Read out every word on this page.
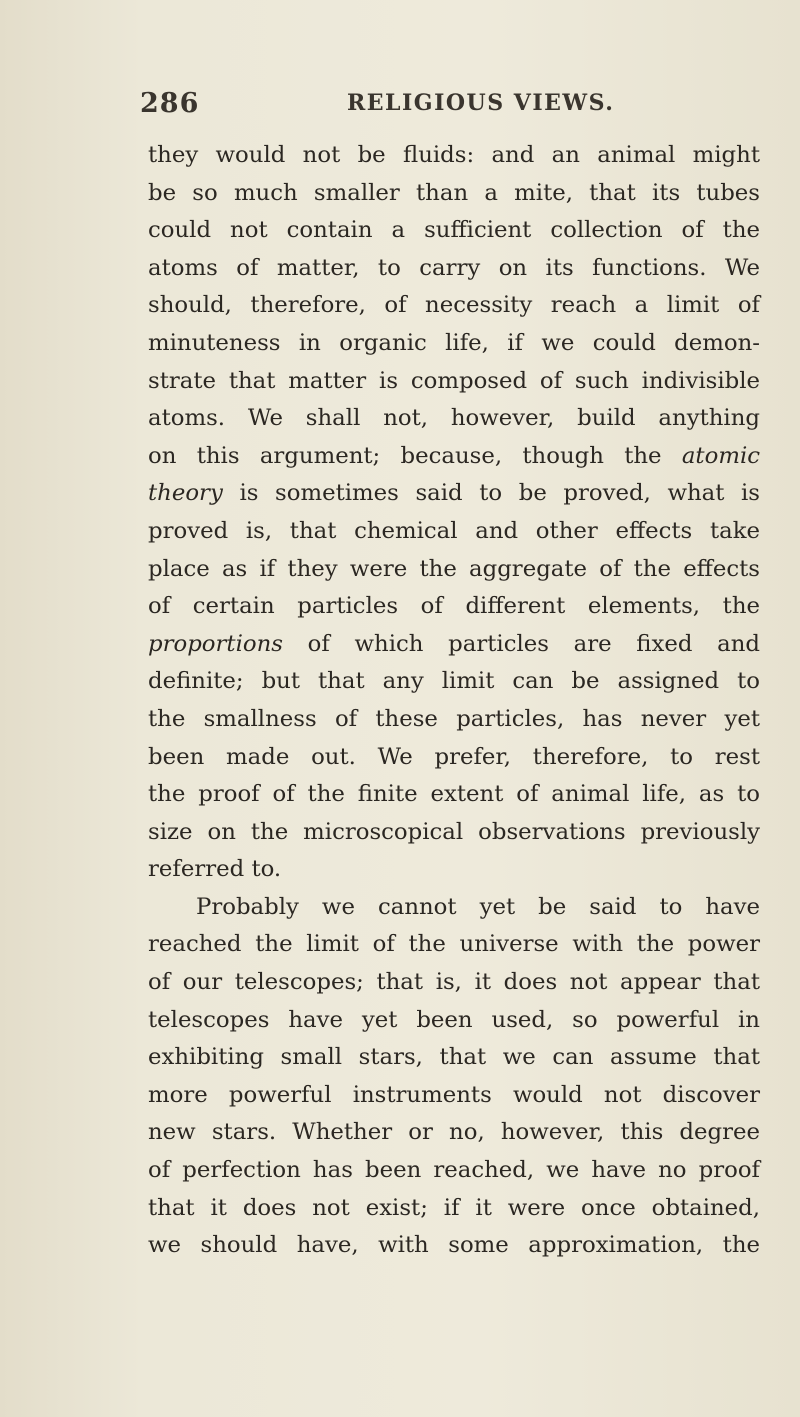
286	RELIGIOUS VIEWS.
they would not be fluids: and an animal might
be so much smaller than a mite, that its tubes
could not contain a sufficient collection of the
atoms of matter, to carry on its functions. We
should, therefore, of necessity reach a limit of
minuteness in organic life, if we could demon-
strate that matter is composed of such indivisible
atoms. We shall not, however, build anything
on this argument; because, though the atomic
theory is sometimes said to be proved, what is
proved is, that chemical and other effects take
place as if they were the aggregate of the effects
of certain particles of different elements, the
proportions of which particles are fixed and
definite; but that any limit can be assigned to
the smallness of these particles, has never yet
been made out. We prefer, therefore, to rest
the proof of the finite extent of animal life, as to
size on the microscopical observations previously
referred to.
Probably we cannot yet be said to have
reached the limit of the universe with the power
of our telescopes; that is, it does not appear that
telescopes have yet been used, so powerful in
exhibiting small stars, that we can assume that
more powerful instruments would not discover
new stars. Whether or no, however, this degree
of perfection has been reached, we have no proof
that it does not exist; if it were once obtained,
we should have, with some approximation, the
